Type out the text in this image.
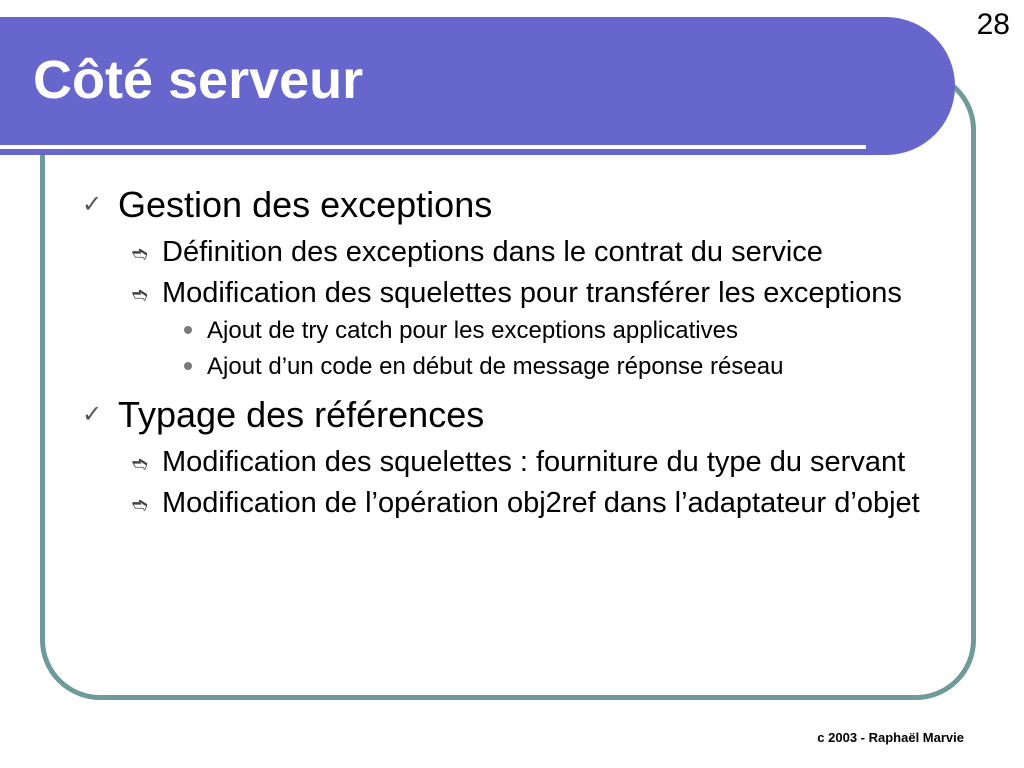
Côté serveur
28
✓ Gestion des exceptions
➬ Définition des exceptions dans le contrat du service
➬ Modification des squelettes pour transférer les exceptions
Ajout de try catch pour les exceptions applicatives
Ajout d’un code en début de message réponse réseau
✓ Typage des références
➬ Modification des squelettes : fourniture du type du servant
➬ Modification de l’opération obj2ref dans l’adaptateur d’objet
c 2003 - Raphaël Marvie
